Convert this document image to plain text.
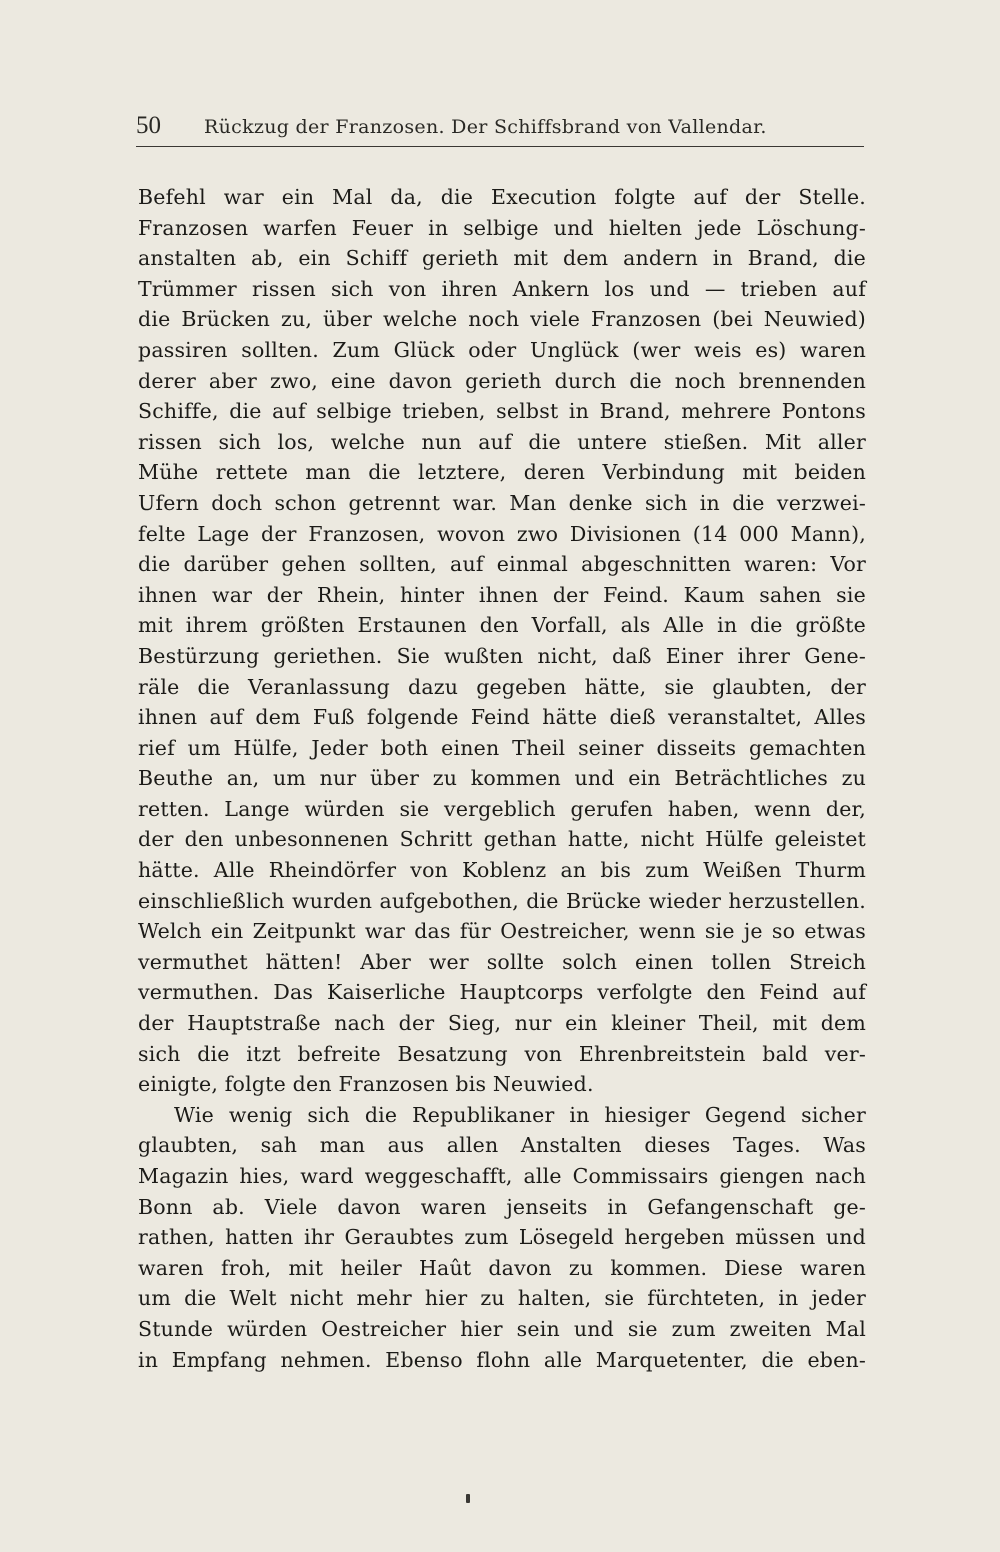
50 Rückzug der Franzosen. Der Schiffsbrand von Vallendar.
Befehl war ein Mal da, die Execution folgte auf der Stelle.
Franzosen warfen Feuer in selbige und hielten jede Löschung-
anstalten ab, ein Schiff gerieth mit dem andern in Brand, die
Trümmer rissen sich von ihren Ankern los und — trieben auf
die Brücken zu, über welche noch viele Franzosen (bei Neuwied)
passiren sollten. Zum Glück oder Unglück (wer weis es) waren
derer aber zwo, eine davon gerieth durch die noch brennenden
Schiffe, die auf selbige trieben, selbst in Brand, mehrere Pontons
rissen sich los, welche nun auf die untere stießen. Mit aller
Mühe rettete man die letztere, deren Verbindung mit beiden
Ufern doch schon getrennt war. Man denke sich in die verzwei-
felte Lage der Franzosen, wovon zwo Divisionen (14 000 Mann),
die darüber gehen sollten, auf einmal abgeschnitten waren: Vor
ihnen war der Rhein, hinter ihnen der Feind. Kaum sahen sie
mit ihrem größten Erstaunen den Vorfall, als Alle in die größte
Bestürzung geriethen. Sie wußten nicht, daß Einer ihrer Gene-
räle die Veranlassung dazu gegeben hätte, sie glaubten, der
ihnen auf dem Fuß folgende Feind hätte dieß veranstaltet, Alles
rief um Hülfe, Jeder both einen Theil seiner disseits gemachten
Beuthe an, um nur über zu kommen und ein Beträchtliches zu
retten. Lange würden sie vergeblich gerufen haben, wenn der,
der den unbesonnenen Schritt gethan hatte, nicht Hülfe geleistet
hätte. Alle Rheindörfer von Koblenz an bis zum Weißen Thurm
einschließlich wurden aufgebothen, die Brücke wieder herzustellen.
Welch ein Zeitpunkt war das für Oestreicher, wenn sie je so etwas
vermuthet hätten! Aber wer sollte solch einen tollen Streich
vermuthen. Das Kaiserliche Hauptcorps verfolgte den Feind auf
der Hauptstraße nach der Sieg, nur ein kleiner Theil, mit dem
sich die itzt befreite Besatzung von Ehrenbreitstein bald ver-
einigte, folgte den Franzosen bis Neuwied.
Wie wenig sich die Republikaner in hiesiger Gegend sicher
glaubten, sah man aus allen Anstalten dieses Tages. Was
Magazin hies, ward weggeschafft, alle Commissairs giengen nach
Bonn ab. Viele davon waren jenseits in Gefangenschaft ge-
rathen, hatten ihr Geraubtes zum Lösegeld hergeben müssen und
waren froh, mit heiler Haût davon zu kommen. Diese waren
um die Welt nicht mehr hier zu halten, sie fürchteten, in jeder
Stunde würden Oestreicher hier sein und sie zum zweiten Mal
in Empfang nehmen. Ebenso flohn alle Marquetenter, die eben-
